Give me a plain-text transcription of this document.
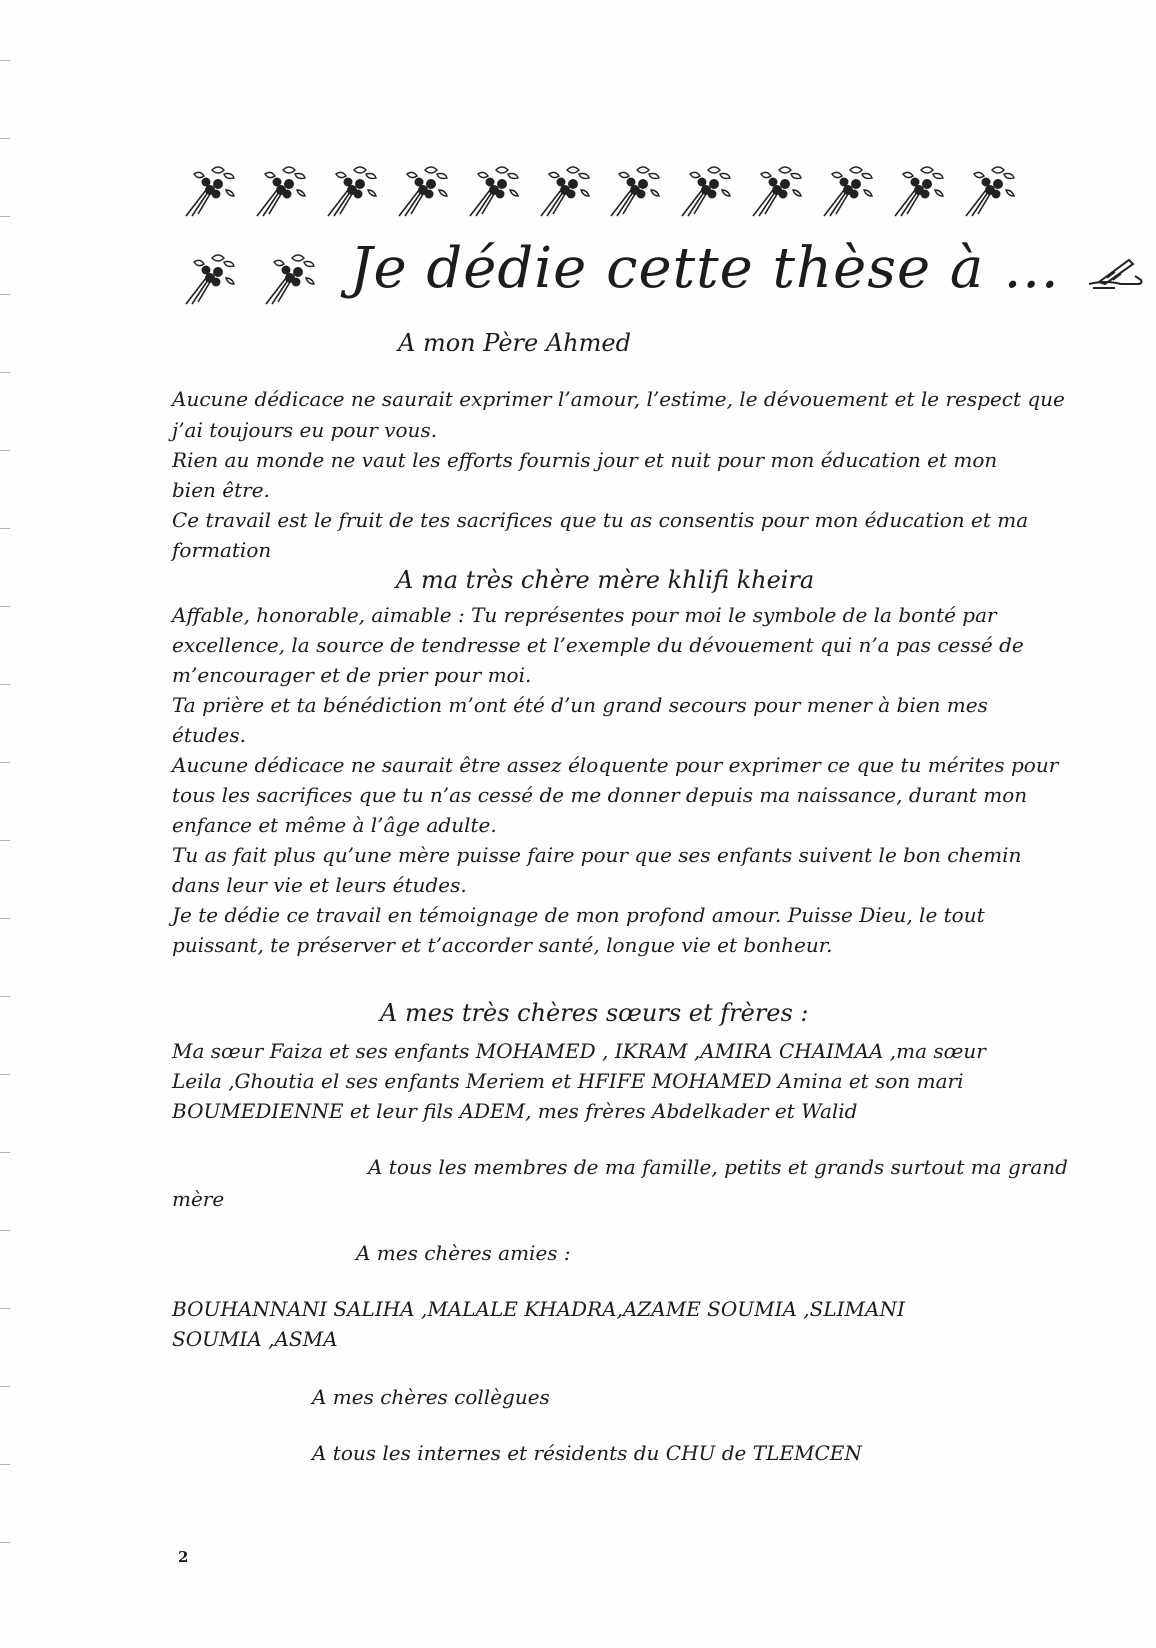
Je dédie cette thèse à …
A mon Père Ahmed
Aucune dédicace ne saurait exprimer l’amour, l’estime, le dévouement et le respect que
j’ai toujours eu pour vous.
Rien au monde ne vaut les efforts fournis jour et nuit pour mon éducation et mon
bien être.
Ce travail est le fruit de tes sacrifices que tu as consentis pour mon éducation et ma
formation
A ma très chère mère khlifi kheira
Affable, honorable, aimable : Tu représentes pour moi le symbole de la bonté par
excellence, la source de tendresse et l’exemple du dévouement qui n’a pas cessé de
m’encourager et de prier pour moi.
Ta prière et ta bénédiction m’ont été d’un grand secours pour mener à bien mes
études.
Aucune dédicace ne saurait être assez éloquente pour exprimer ce que tu mérites pour
tous les sacrifices que tu n’as cessé de me donner depuis ma naissance, durant mon
enfance et même à l’âge adulte.
Tu as fait plus qu’une mère puisse faire pour que ses enfants suivent le bon chemin
dans leur vie et leurs études.
Je te dédie ce travail en témoignage de mon profond amour. Puisse Dieu, le tout
puissant, te préserver et t’accorder santé, longue vie et bonheur.
A mes très chères sœurs et frères :
Ma sœur Faiza et ses enfants MOHAMED , IKRAM ,AMIRA CHAIMAA ,ma sœur
Leila ,Ghoutia el ses enfants Meriem et HFIFE MOHAMED Amina et son mari
BOUMEDIENNE et leur fils ADEM, mes frères Abdelkader et Walid
A tous les membres de ma famille, petits et grands surtout ma grand
mère
A mes chères amies :
BOUHANNANI SALIHA ,MALALE KHADRA,AZAME SOUMIA ,SLIMANI
SOUMIA ,ASMA
A mes chères collègues
A tous les internes et résidents du CHU de TLEMCEN
2
